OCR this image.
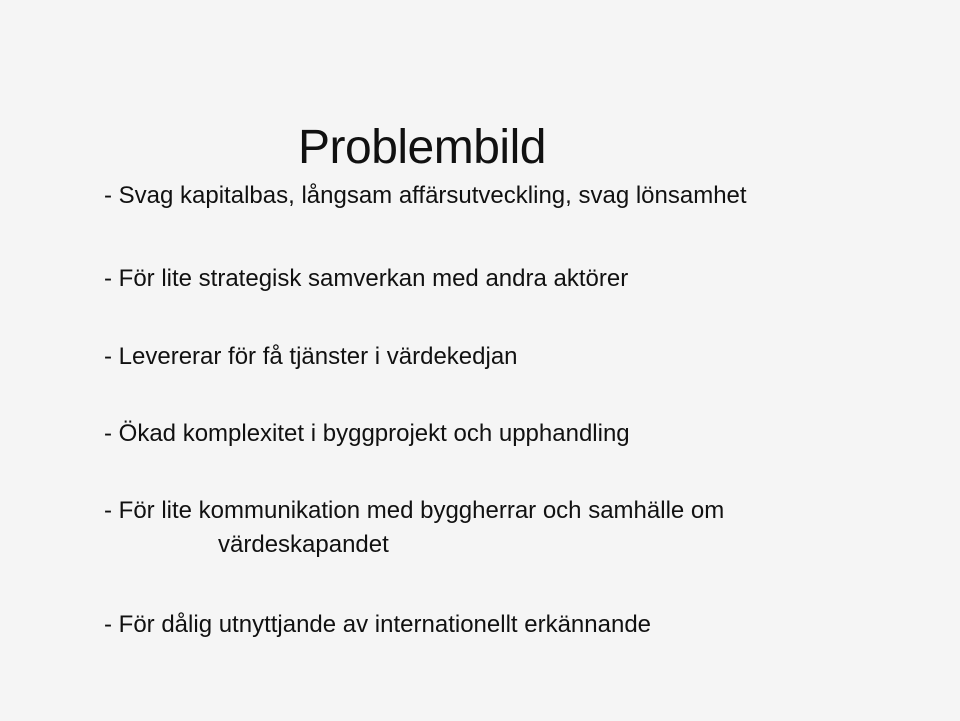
Problembild
- Svag kapitalbas, långsam affärsutveckling, svag lönsamhet
- För lite strategisk samverkan med andra aktörer
- Levererar för få tjänster i värdekedjan
- Ökad komplexitet i byggprojekt och upphandling
- För lite kommunikation med byggherrar och samhälle om
värdeskapandet
- För dålig utnyttjande av internationellt erkännande
